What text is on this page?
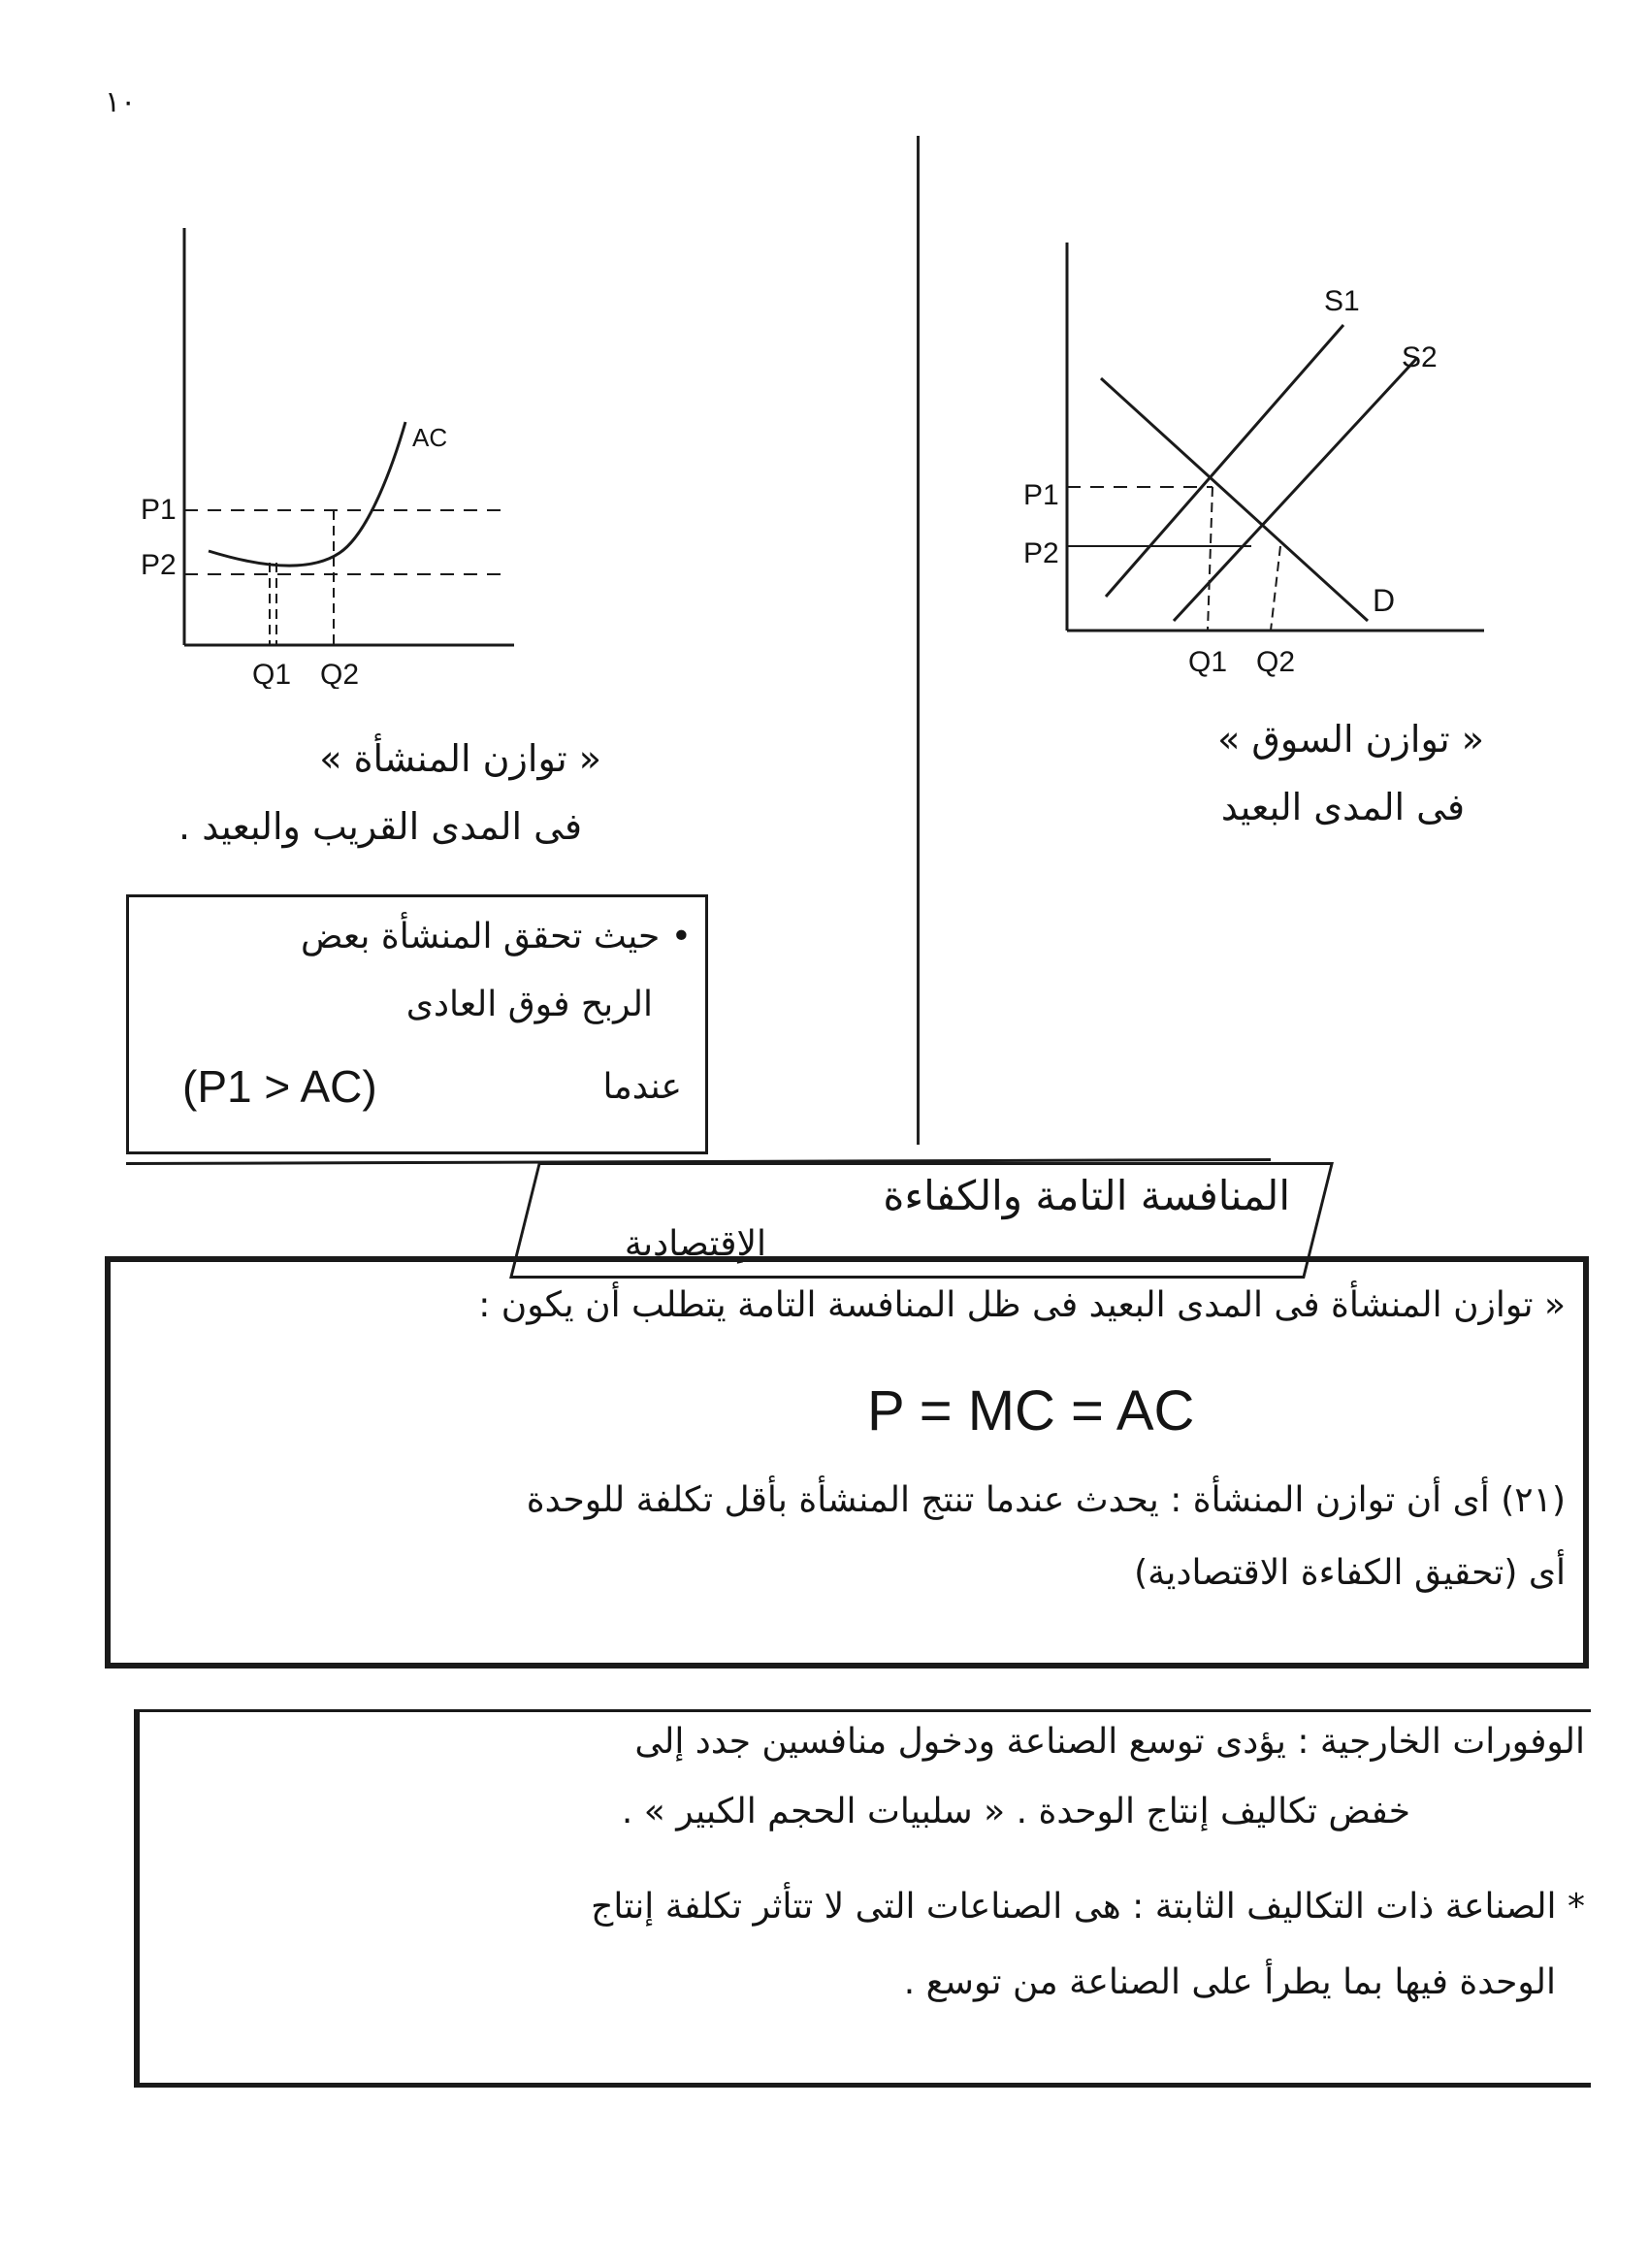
١٠
AC
P1
P2
Q1 Q2
« توازن المنشأة »
فى المدى القريب والبعيد .
S1
S2
D
P1
P2
Q1 Q2
« توازن السوق »
فى المدى البعيد
• حيث تحقق المنشأة بعض
الربح فوق العادى
عندما
(P1 > AC)
المنافسة التامة والكفاءة
الإقتصادية
« توازن المنشأة فى المدى البعيد فى ظل المنافسة التامة يتطلب أن يكون :
P = MC = AC
(٢١) أى أن توازن المنشأة : يحدث عندما تنتج المنشأة بأقل تكلفة للوحدة
أى (تحقيق الكفاءة الاقتصادية)
الوفورات الخارجية : يؤدى توسع الصناعة ودخول منافسين جدد إلى
خفض تكاليف إنتاج الوحدة . « سلبيات الحجم الكبير » .
* الصناعة ذات التكاليف الثابتة : هى الصناعات التى لا تتأثر تكلفة إنتاج
الوحدة فيها بما يطرأ على الصناعة من توسع .
